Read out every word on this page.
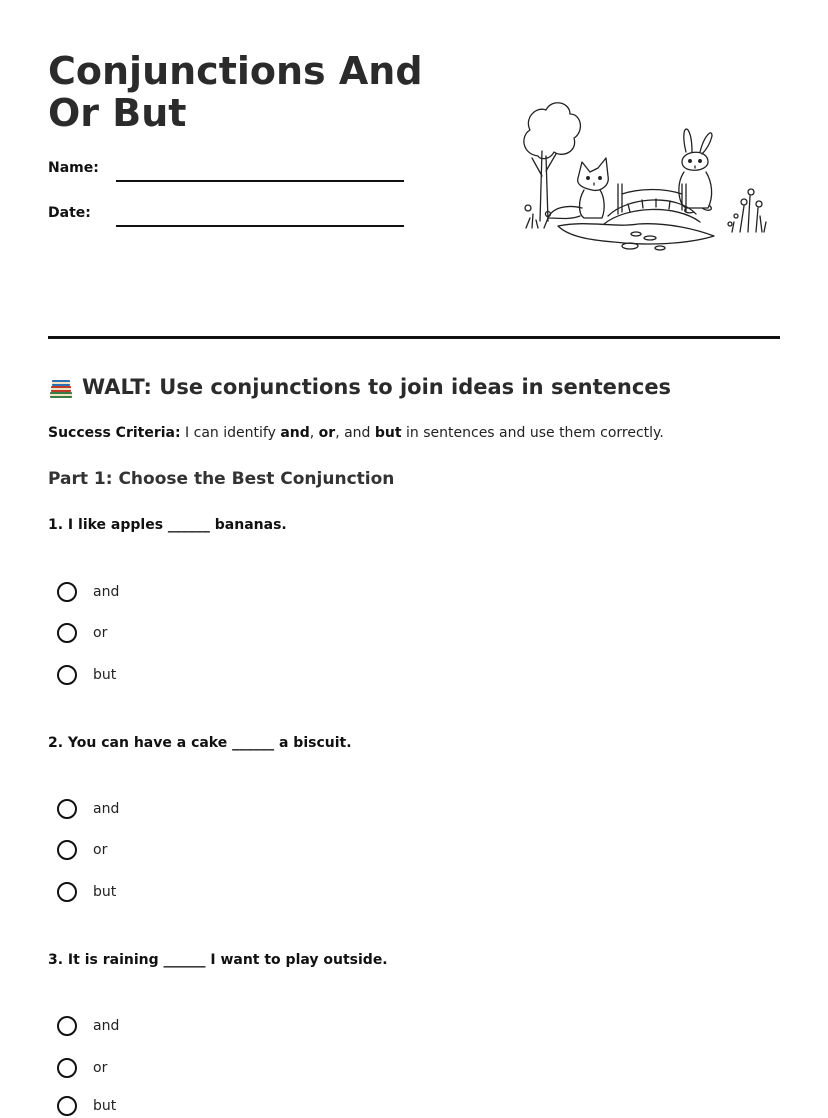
Conjunctions And Or But
Name:
Date:
WALT: Use conjunctions to join ideas in sentences
Success Criteria: I can identify and, or, and but in sentences and use them correctly.
Part 1: Choose the Best Conjunction
1. I like apples ______ bananas.
and
or
but
2. You can have a cake ______ a biscuit.
and
or
but
3. It is raining ______ I want to play outside.
and
or
but
